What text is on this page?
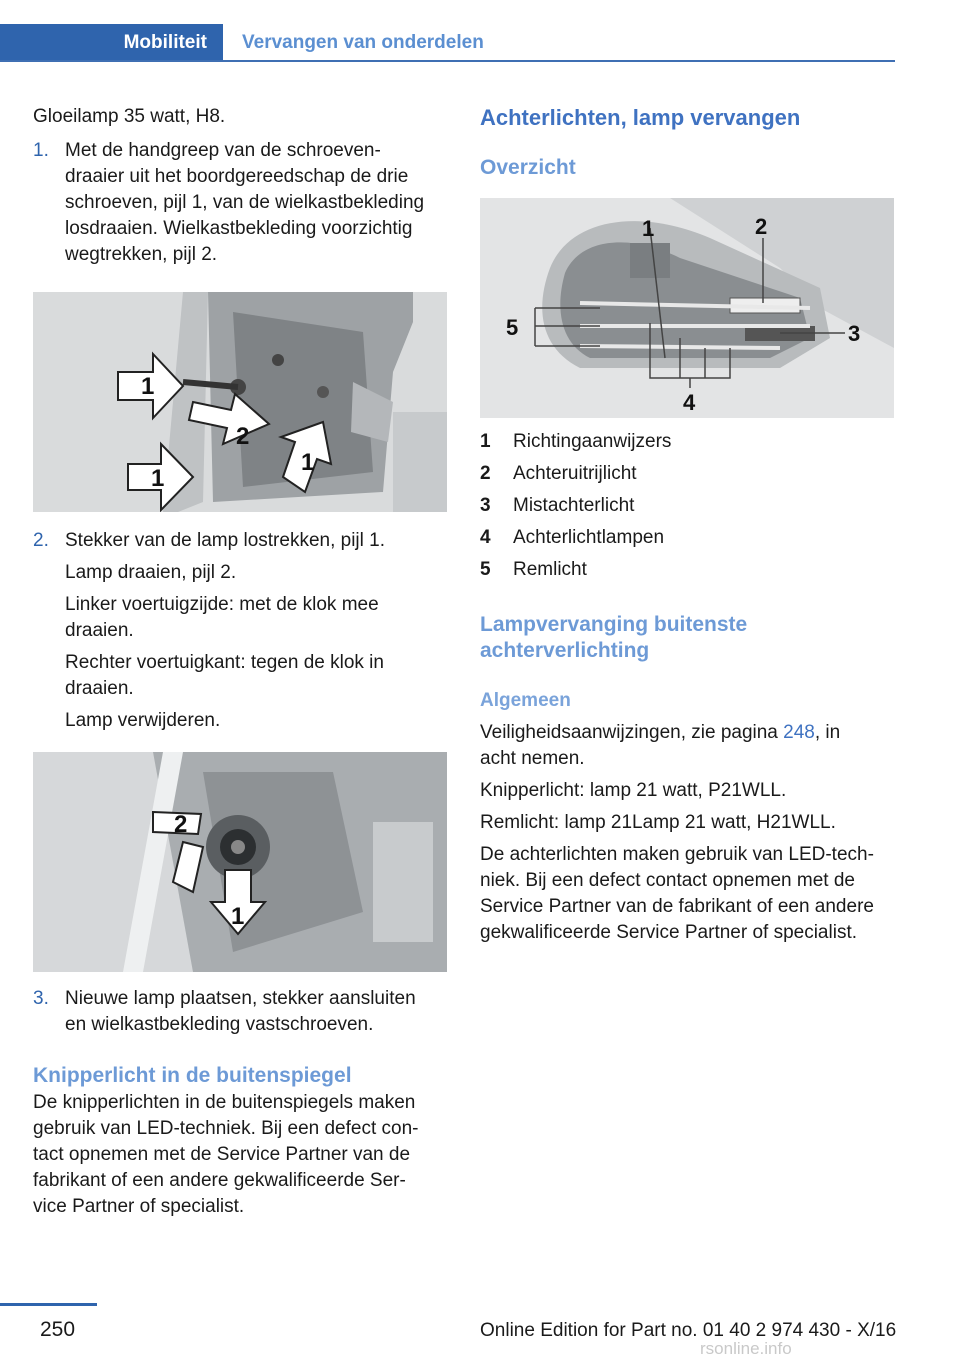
Mobiliteit Vervangen van onderdelen

Gloeilamp 35 watt, H8.

1. Met de handgreep van de schroeven‐
draaier uit het boordgereedschap de drie
schroeven, pijl 1, van de wielkastbekleding
losdraaien. Wielkastbekleding voorzichtig
wegtrekken, pijl 2.
1
2
1
1
2. Stekker van de lamp lostrekken, pijl 1.
Lamp draaien, pijl 2.
Linker voertuigzijde: met de klok mee
draaien.
Rechter voertuigkant: tegen de klok in
draaien.
Lamp verwijderen.
2
1
3. Nieuwe lamp plaatsen, stekker aansluiten
en wielkastbekleding vastschroeven.
Knipperlicht in de buitenspiegel
De knipperlichten in de buitenspiegels maken
gebruik van LED-techniek. Bij een defect con‐
tact opnemen met de Service Partner van de
fabrikant of een andere gekwalificeerde Ser‐
vice Partner of specialist.
Achterlichten, lamp vervangen
Overzicht
1	2
3
4
5
1	Richtingaanwijzers
2	Achteruitrijlicht
3	Mistachterlicht
4	Achterlichtlampen
5	Remlicht
Lampvervanging buitenste
achterverlichting
Algemeen

Veiligheidsaanwijzingen, zie pagina 248, in
acht nemen.

Knipperlicht: lamp 21 watt, P21WLL.

Remlicht: lamp 21Lamp 21 watt, H21WLL.

De achterlichten maken gebruik van LED-tech‐
niek. Bij een defect contact opnemen met de
Service Partner van de fabrikant of een andere
gekwalificeerde Service Partner of specialist.
250	Online Edition for Part no. 01 40 2 974 430 - X/16
rsonline.info
